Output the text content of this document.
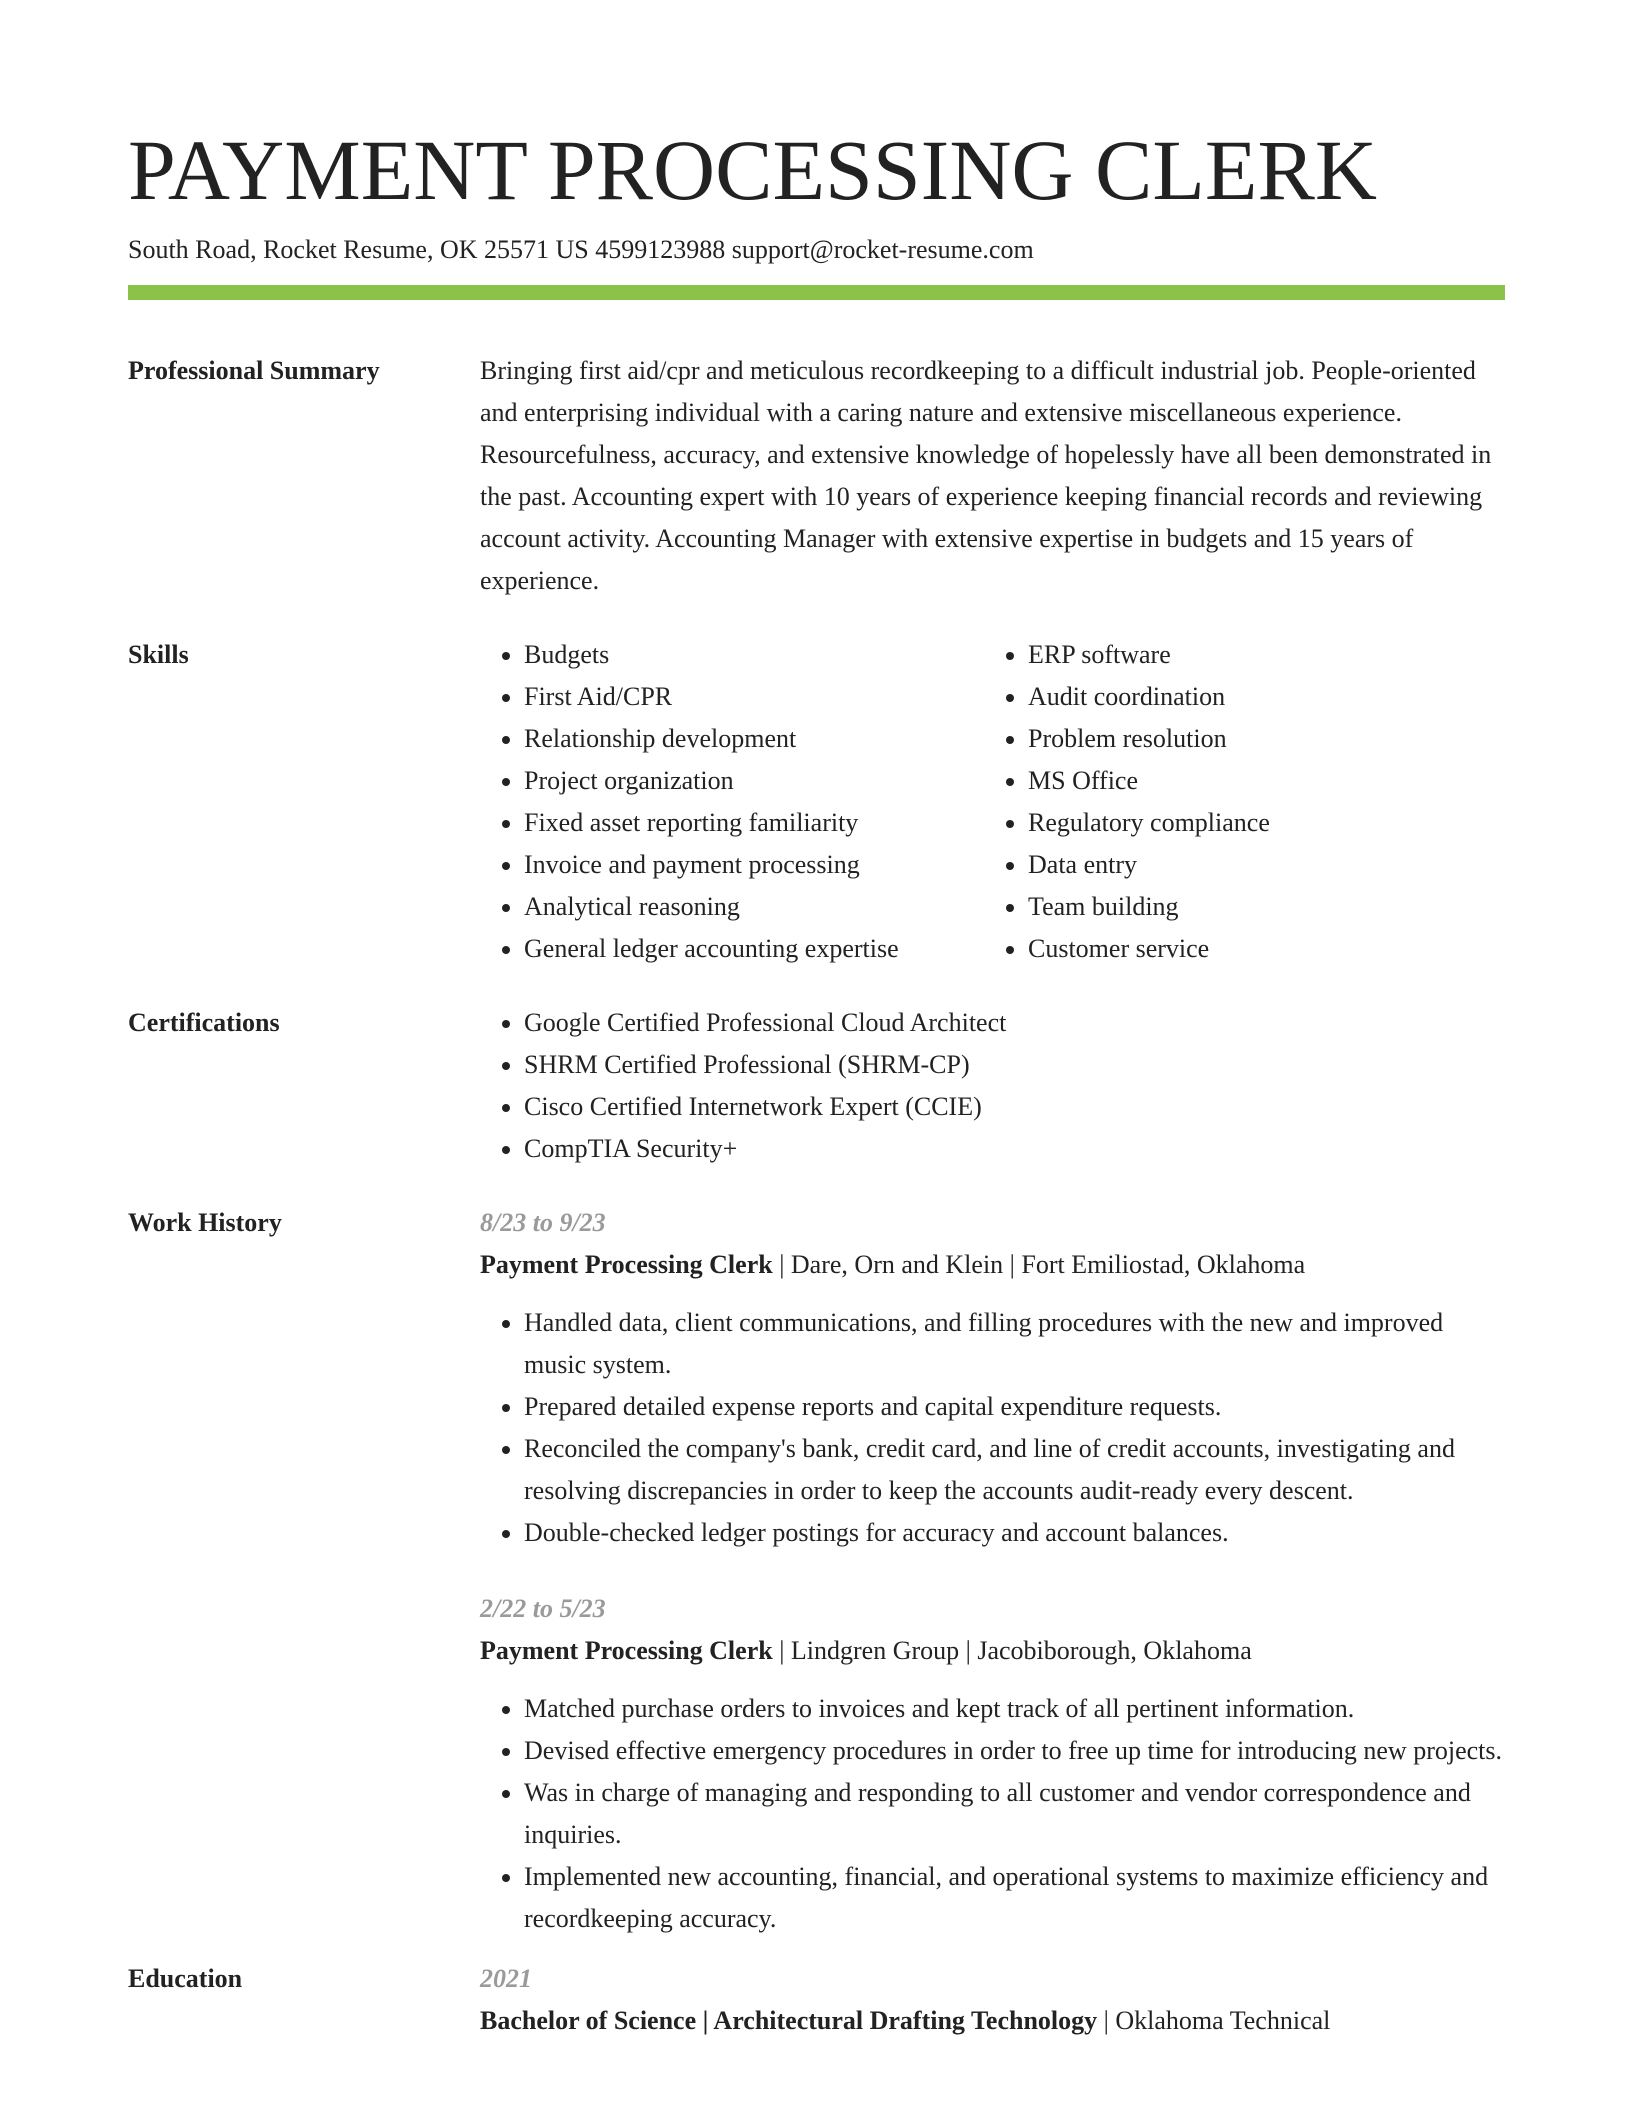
PAYMENT PROCESSING CLERK
South Road, Rocket Resume, OK 25571 US 4599123988 support@rocket-resume.com
Professional Summary	Bringing first aid/cpr and meticulous recordkeeping to a difficult industrial job. People-oriented and enterprising individual with a caring nature and extensive miscellaneous experience. Resourcefulness, accuracy, and extensive knowledge of hopelessly have all been demonstrated in the past. Accounting expert with 10 years of experience keeping financial records and reviewing account activity. Accounting Manager with extensive expertise in budgets and 15 years of experience.

Skills	• Budgets
• First Aid/CPR
• Relationship development
• Project organization
• Fixed asset reporting familiarity
• Invoice and payment processing
• Analytical reasoning
• General ledger accounting expertise
• ERP software
• Audit coordination
• Problem resolution
• MS Office
• Regulatory compliance
• Data entry
• Team building
• Customer service
Certifications	• Google Certified Professional Cloud Architect
• SHRM Certified Professional (SHRM-CP)
• Cisco Certified Internetwork Expert (CCIE)
• CompTIA Security+
Work History	8/23 to 9/23
Payment Processing Clerk | Dare, Orn and Klein | Fort Emiliostad, Oklahoma
• Handled data, client communications, and filling procedures with the new and improved music system.
• Prepared detailed expense reports and capital expenditure requests.
• Reconciled the company's bank, credit card, and line of credit accounts, investigating and resolving discrepancies in order to keep the accounts audit-ready every descent.
• Double-checked ledger postings for accuracy and account balances.
2/22 to 5/23
Payment Processing Clerk | Lindgren Group | Jacobiborough, Oklahoma
• Matched purchase orders to invoices and kept track of all pertinent information.
• Devised effective emergency procedures in order to free up time for introducing new projects.
• Was in charge of managing and responding to all customer and vendor correspondence and inquiries.
• Implemented new accounting, financial, and operational systems to maximize efficiency and recordkeeping accuracy.
Education	2021
Bachelor of Science | Architectural Drafting Technology | Oklahoma Technical
